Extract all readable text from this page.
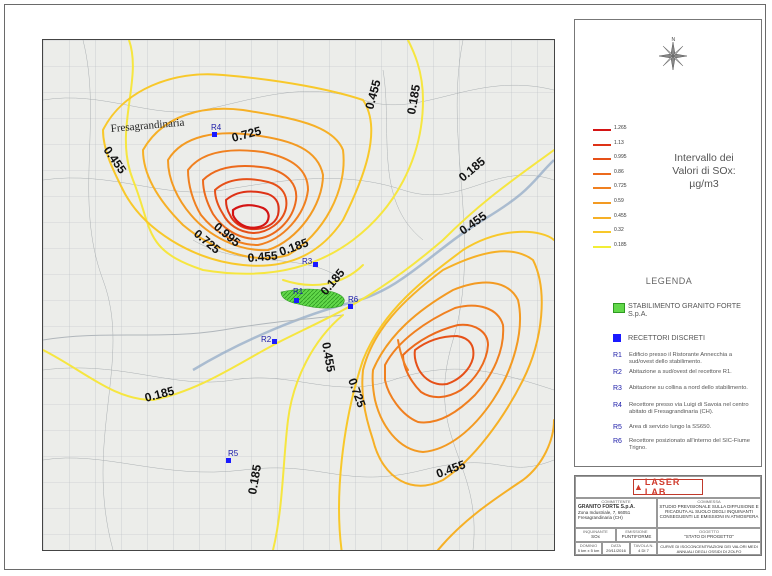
0.455
0.455 0.185
0.725
0.185
0.455
0.725
0.995
0.455 0.185
0.185
0.455
0.725
0.185
0.185	0.455
Fresagrandinaria
R1
R2
R3
R4
R5
R6
N
1.265
1.13
0.995
0.86
0.725
0.59
0.455
0.32
0.185
Intervallo dei
Valori di SOx:
µg/m3
LEGENDA
STABILIMENTO GRANITO FORTE
S.p.A.
RECETTORI DISCRETI
R1 Edificio presso il Ristorante Annecchia a sud/ovest dello stabilimento.
R2 Abitazione a sud/ovest del recettore R1.
R3 Abitazione su collina a nord dello stabilimento.
R4 Recettore presso via Luigi di Savoia nel centro abitato di Fresagrandinaria (CH).
R5 Area di servizio lungo la SS650.
R6 Recettore posizionato all'interno del SIC-Fiume Trigno.
▲ LASER LAB
COMMITTENTE
GRANITO FORTE S.p.A.
Zona Industriale, 7, 66051
Fresagrandinaria (CH)
COMMESSA
STUDIO PREVISIONALE SULLA DIFFUSIONE E RICADUTA AL SUOLO DEGLI INQUINANTI CONSEGUENTI LE EMISSIONI IN ATMOSFERA
INQUINANTE
SOx
EMISSIONE
PUNTIFORME
OGGETTO
"STATO DI PROGETTO"
DOMINIO
5 km x 5 km
DATA
29/11/2016
TAVOLA N.
4 DI 7
CURVE DI ISOCONCENTRAZIONI DEI VALORI MEDI ANNUALI DEGLI OSSIDI DI ZOLFO
